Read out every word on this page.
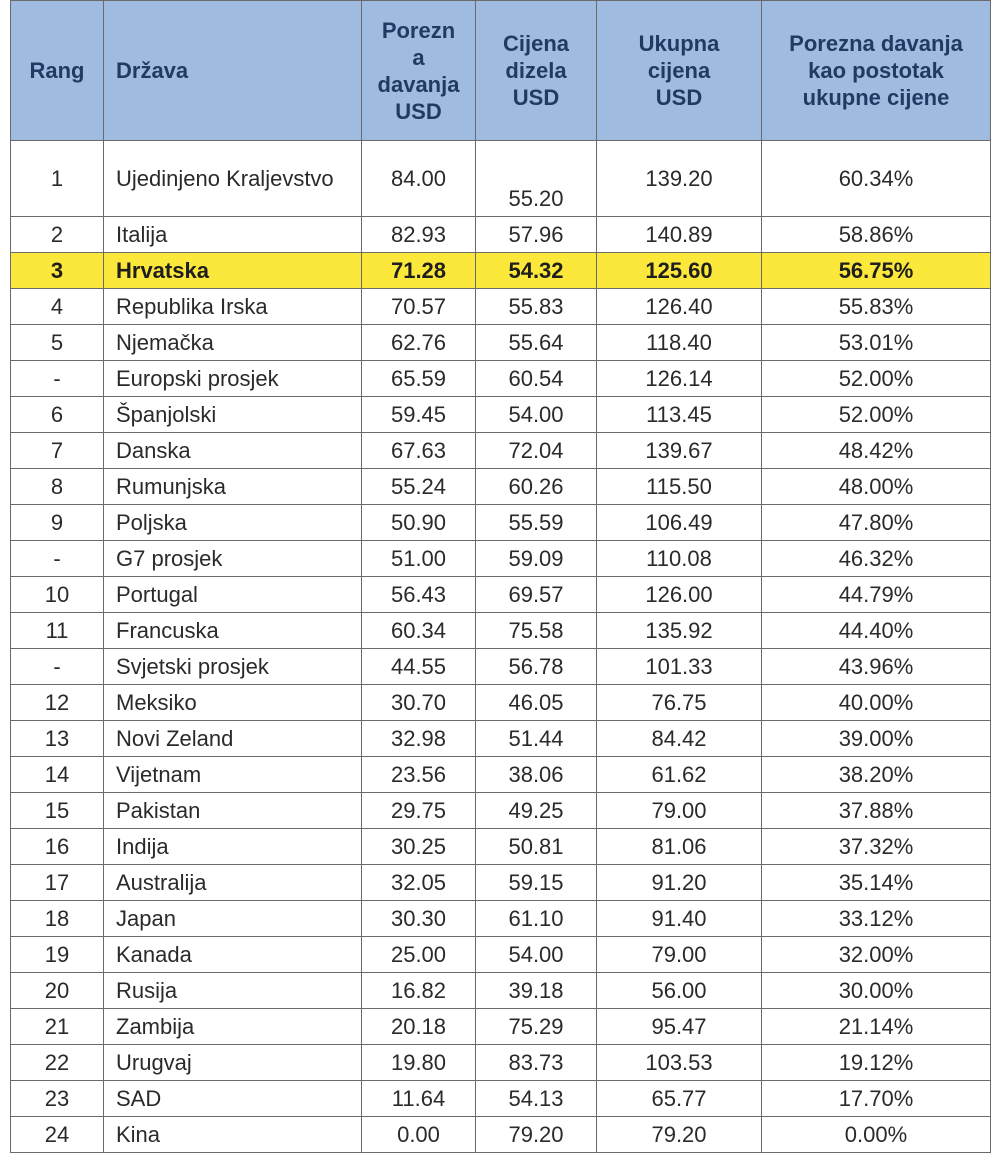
Rang	Država	Porezn a davanja USD	Cijena dizela USD	Ukupna cijena USD	Porezna davanja kao postotak ukupne cijene
1	Ujedinjeno Kraljevstvo	84.00	55.20	139.20	60.34%
2	Italija	82.93	57.96	140.89	58.86%
3	Hrvatska	71.28	54.32	125.60	56.75%
4	Republika Irska	70.57	55.83	126.40	55.83%
5	Njemačka	62.76	55.64	118.40	53.01%
-	Europski prosjek	65.59	60.54	126.14	52.00%
6	Španjolski	59.45	54.00	113.45	52.00%
7	Danska	67.63	72.04	139.67	48.42%
8	Rumunjska	55.24	60.26	115.50	48.00%
9	Poljska	50.90	55.59	106.49	47.80%
-	G7 prosjek	51.00	59.09	110.08	46.32%
10	Portugal	56.43	69.57	126.00	44.79%
11	Francuska	60.34	75.58	135.92	44.40%
-	Svjetski prosjek	44.55	56.78	101.33	43.96%
12	Meksiko	30.70	46.05	76.75	40.00%
13	Novi Zeland	32.98	51.44	84.42	39.00%
14	Vijetnam	23.56	38.06	61.62	38.20%
15	Pakistan	29.75	49.25	79.00	37.88%
16	Indija	30.25	50.81	81.06	37.32%
17	Australija	32.05	59.15	91.20	35.14%
18	Japan	30.30	61.10	91.40	33.12%
19	Kanada	25.00	54.00	79.00	32.00%
20	Rusija	16.82	39.18	56.00	30.00%
21	Zambija	20.18	75.29	95.47	21.14%
22	Urugvaj	19.80	83.73	103.53	19.12%
23	SAD	11.64	54.13	65.77	17.70%
24	Kina	0.00	79.20	79.20	0.00%
